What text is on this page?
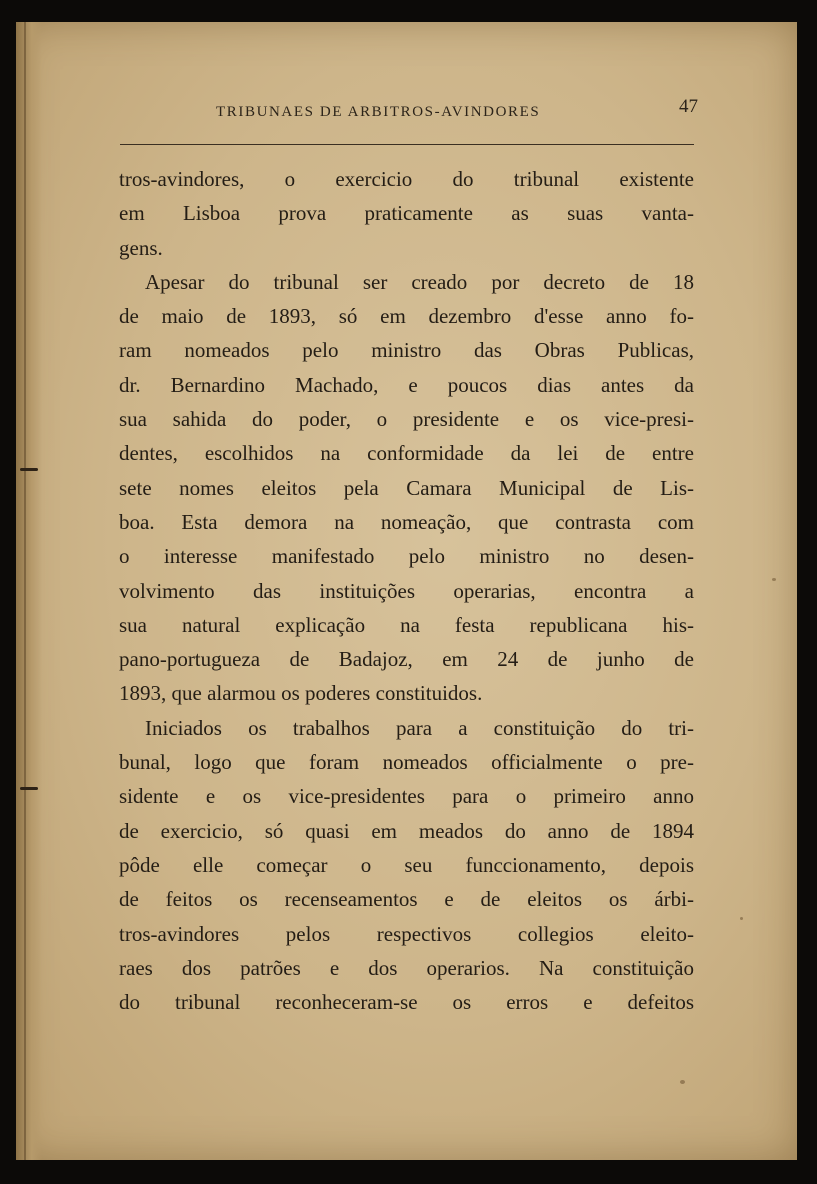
TRIBUNAES DE ARBITROS-AVINDORES	47
tros-avindores, o exercicio do tribunal existente
em Lisboa prova praticamente as suas vanta-
gens.
Apesar do tribunal ser creado por decreto de 18
de maio de 1893, só em dezembro d'esse anno fo-
ram nomeados pelo ministro das Obras Publicas,
dr. Bernardino Machado, e poucos dias antes da
sua sahida do poder, o presidente e os vice-presi-
dentes, escolhidos na conformidade da lei de entre
sete nomes eleitos pela Camara Municipal de Lis-
boa. Esta demora na nomeação, que contrasta com
o interesse manifestado pelo ministro no desen-
volvimento das instituições operarias, encontra a
sua natural explicação na festa republicana his-
pano-portugueza de Badajoz, em 24 de junho de
1893, que alarmou os poderes constituidos.
Iniciados os trabalhos para a constituição do tri-
bunal, logo que foram nomeados officialmente o pre-
sidente e os vice-presidentes para o primeiro anno
de exercicio, só quasi em meados do anno de 1894
pôde elle começar o seu funccionamento, depois
de feitos os recenseamentos e de eleitos os árbi-
tros-avindores pelos respectivos collegios eleito-
raes dos patrões e dos operarios. Na constituição
do tribunal reconheceram-se os erros e defeitos
